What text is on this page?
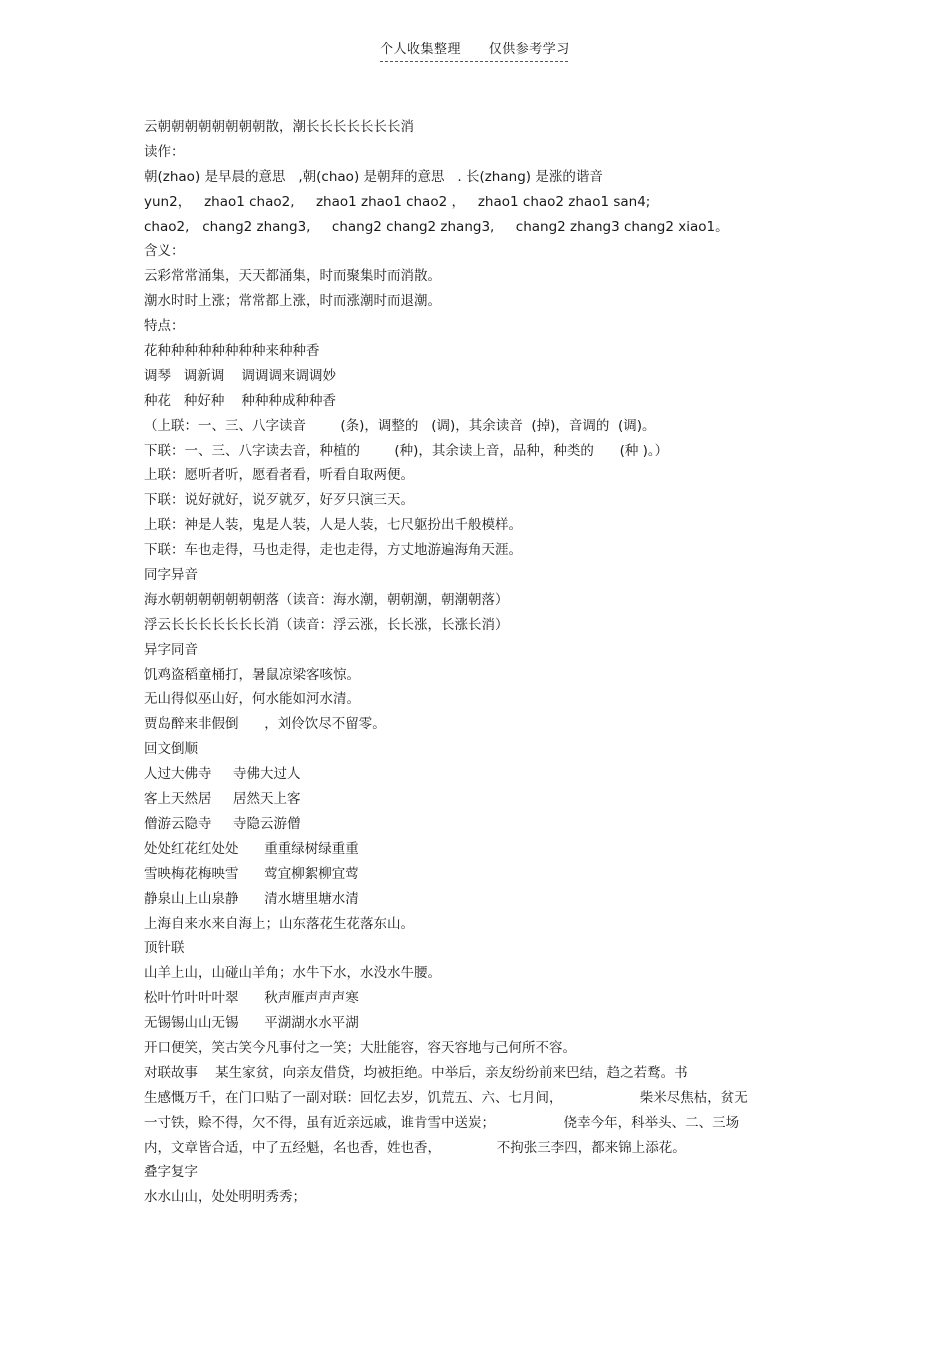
个人收集整理      仅供参考学习

云朝朝朝朝朝朝朝朝散，潮长长长长长长长消

读作：

朝(zhao) 是早晨的意思   ,朝(chao) 是朝拜的意思   . 长(zhang) 是涨的谐音

yun2，   zhao1 chao2,     zhao1 zhao1 chao2 ，   zhao1 chao2 zhao1 san4;

chao2,   chang2 zhang3,     chang2 chang2 zhang3,     chang2 zhang3 chang2 xiao1。

含义：

云彩常常涌集，天天都涌集，时而聚集时而消散。

潮水时时上涨；常常都上涨，时而涨潮时而退潮。

特点：

花种种种种种种种种来种种香

调琴   调新调    调调调来调调妙

种花   种好种    种种种成种种香

（上联：一、三、八字读音        (条)，调整的   (调)，其余读音  (掉)，音调的  (调)。

下联：一、三、八字读去音，种植的        (种)，其余读上音，品种，种类的      (种 )。）

上联：愿听者听，愿看者看，听看自取两便。

下联：说好就好，说歹就歹，好歹只演三天。

上联：神是人装，鬼是人装，人是人装，七尺躯扮出千般模样。

下联：车也走得，马也走得，走也走得，方丈地游遍海角天涯。

同字异音

海水朝朝朝朝朝朝朝落（读音：海水潮，朝朝潮，朝潮朝落）

浮云长长长长长长长消（读音：浮云涨，长长涨，长涨长消）

异字同音

饥鸡盗稻童桶打，暑鼠凉梁客咳惊。

无山得似巫山好，何水能如河水清。

贾岛醉来非假倒      ，刘伶饮尽不留零。

回文倒顺

人过大佛寺     寺佛大过人

客上天然居     居然天上客

僧游云隐寺     寺隐云游僧

处处红花红处处      重重绿树绿重重

雪映梅花梅映雪      莺宜柳絮柳宜莺

静泉山上山泉静      清水塘里塘水清

上海自来水来自海上；山东落花生花落东山。

顶针联

山羊上山，山碰山羊角；水牛下水，水没水牛腰。

松叶竹叶叶叶翠      秋声雁声声声寒

无锡锡山山无锡      平湖湖水水平湖

开口便笑，笑古笑今凡事付之一笑；大肚能容，容天容地与己何所不容。

对联故事    某生家贫，向亲友借贷，均被拒绝。中举后，亲友纷纷前来巴结，趋之若鹜。书

生感慨万千，在门口贴了一副对联：回忆去岁，饥荒五、六、七月间，                  柴米尽焦枯，贫无

一寸铁，赊不得，欠不得，虽有近亲远戚，谁肯雪中送炭；                侥幸今年，科举头、二、三场

内，文章皆合适，中了五经魁，名也香，姓也香，             不拘张三李四，都来锦上添花。

叠字复字

水水山山，处处明明秀秀；
